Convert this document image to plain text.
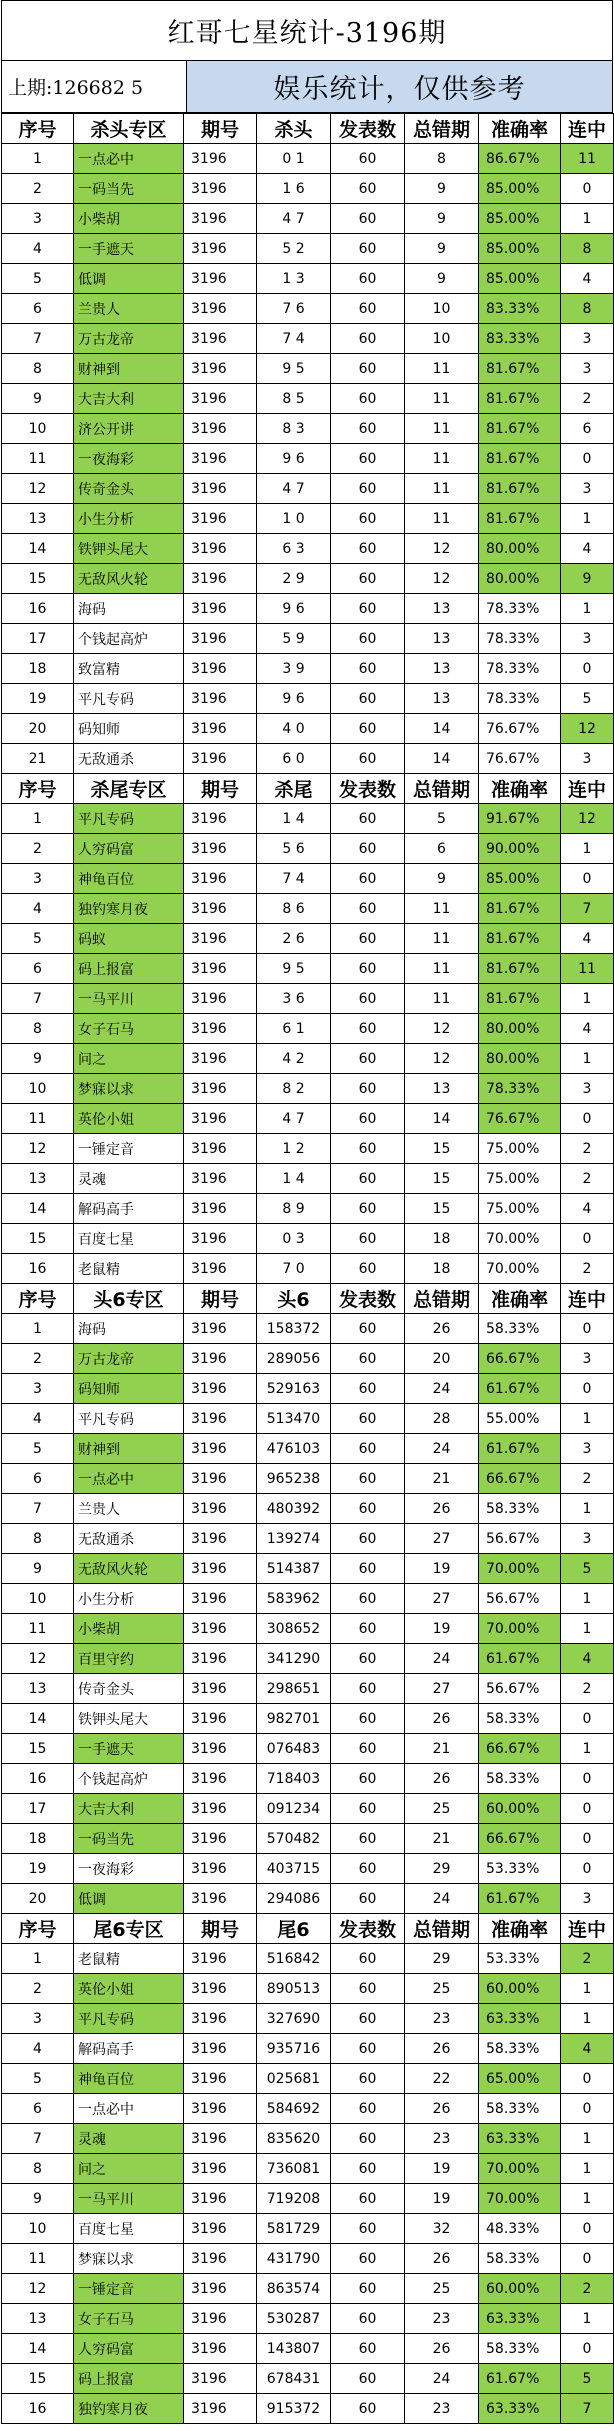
红哥七星统计-3196期
上期:126682 5	娱乐统计，仅供参考
序号	杀头专区	期号	杀头	发表数	总错期	准确率	连中
1	一点必中	3196	0 1	60	8	86.67%	11
2	一码当先	3196	1 6	60	9	85.00%	0
3	小柴胡	3196	4 7	60	9	85.00%	1
4	一手遮天	3196	5 2	60	9	85.00%	8
5	低调	3196	1 3	60	9	85.00%	4
6	兰贵人	3196	7 6	60	10	83.33%	8
7	万古龙帝	3196	7 4	60	10	83.33%	3
8	财神到	3196	9 5	60	11	81.67%	3
9	大吉大利	3196	8 5	60	11	81.67%	2
10	济公开讲	3196	8 3	60	11	81.67%	6
11	一夜海彩	3196	9 6	60	11	81.67%	0
12	传奇金头	3196	4 7	60	11	81.67%	3
13	小生分析	3196	1 0	60	11	81.67%	1
14	铁钾头尾大	3196	6 3	60	12	80.00%	4
15	无敌风火轮	3196	2 9	60	12	80.00%	9
16	海码	3196	9 6	60	13	78.33%	1
17	个钱起高炉	3196	5 9	60	13	78.33%	3
18	致富精	3196	3 9	60	13	78.33%	0
19	平凡专码	3196	9 6	60	13	78.33%	5
20	码知师	3196	4 0	60	14	76.67%	12
21	无敌通杀	3196	6 0	60	14	76.67%	3
序号	杀尾专区	期号	杀尾	发表数	总错期	准确率	连中
1	平凡专码	3196	1 4	60	5	91.67%	12
2	人穷码富	3196	5 6	60	6	90.00%	1
3	神龟百位	3196	7 4	60	9	85.00%	0
4	独钓寒月夜	3196	8 6	60	11	81.67%	7
5	码蚁	3196	2 6	60	11	81.67%	4
6	码上报富	3196	9 5	60	11	81.67%	11
7	一马平川	3196	3 6	60	11	81.67%	1
8	女子石马	3196	6 1	60	12	80.00%	4
9	问之	3196	4 2	60	12	80.00%	1
10	梦寐以求	3196	8 2	60	13	78.33%	3
11	英伦小姐	3196	4 7	60	14	76.67%	0
12	一锤定音	3196	1 2	60	15	75.00%	2
13	灵魂	3196	1 4	60	15	75.00%	2
14	解码高手	3196	8 9	60	15	75.00%	4
15	百度七星	3196	0 3	60	18	70.00%	0
16	老鼠精	3196	7 0	60	18	70.00%	2
序号	头6专区	期号	头6	发表数	总错期	准确率	连中
1	海码	3196	158372	60	26	58.33%	0
2	万古龙帝	3196	289056	60	20	66.67%	3
3	码知师	3196	529163	60	24	61.67%	0
4	平凡专码	3196	513470	60	28	55.00%	1
5	财神到	3196	476103	60	24	61.67%	3
6	一点必中	3196	965238	60	21	66.67%	2
7	兰贵人	3196	480392	60	26	58.33%	1
8	无敌通杀	3196	139274	60	27	56.67%	3
9	无敌风火轮	3196	514387	60	19	70.00%	5
10	小生分析	3196	583962	60	27	56.67%	1
11	小柴胡	3196	308652	60	19	70.00%	1
12	百里守约	3196	341290	60	24	61.67%	4
13	传奇金头	3196	298651	60	27	56.67%	2
14	铁钾头尾大	3196	982701	60	26	58.33%	0
15	一手遮天	3196	076483	60	21	66.67%	1
16	个钱起高炉	3196	718403	60	26	58.33%	0
17	大吉大利	3196	091234	60	25	60.00%	0
18	一码当先	3196	570482	60	21	66.67%	0
19	一夜海彩	3196	403715	60	29	53.33%	0
20	低调	3196	294086	60	24	61.67%	3
序号	尾6专区	期号	尾6	发表数	总错期	准确率	连中
1	老鼠精	3196	516842	60	29	53.33%	2
2	英伦小姐	3196	890513	60	25	60.00%	1
3	平凡专码	3196	327690	60	23	63.33%	1
4	解码高手	3196	935716	60	26	58.33%	4
5	神龟百位	3196	025681	60	22	65.00%	0
6	一点必中	3196	584692	60	26	58.33%	0
7	灵魂	3196	835620	60	23	63.33%	1
8	问之	3196	736081	60	19	70.00%	1
9	一马平川	3196	719208	60	19	70.00%	1
10	百度七星	3196	581729	60	32	48.33%	0
11	梦寐以求	3196	431790	60	26	58.33%	0
12	一锤定音	3196	863574	60	25	60.00%	2
13	女子石马	3196	530287	60	23	63.33%	1
14	人穷码富	3196	143807	60	26	58.33%	0
15	码上报富	3196	678431	60	24	61.67%	5
16	独钓寒月夜	3196	915372	60	23	63.33%	7
